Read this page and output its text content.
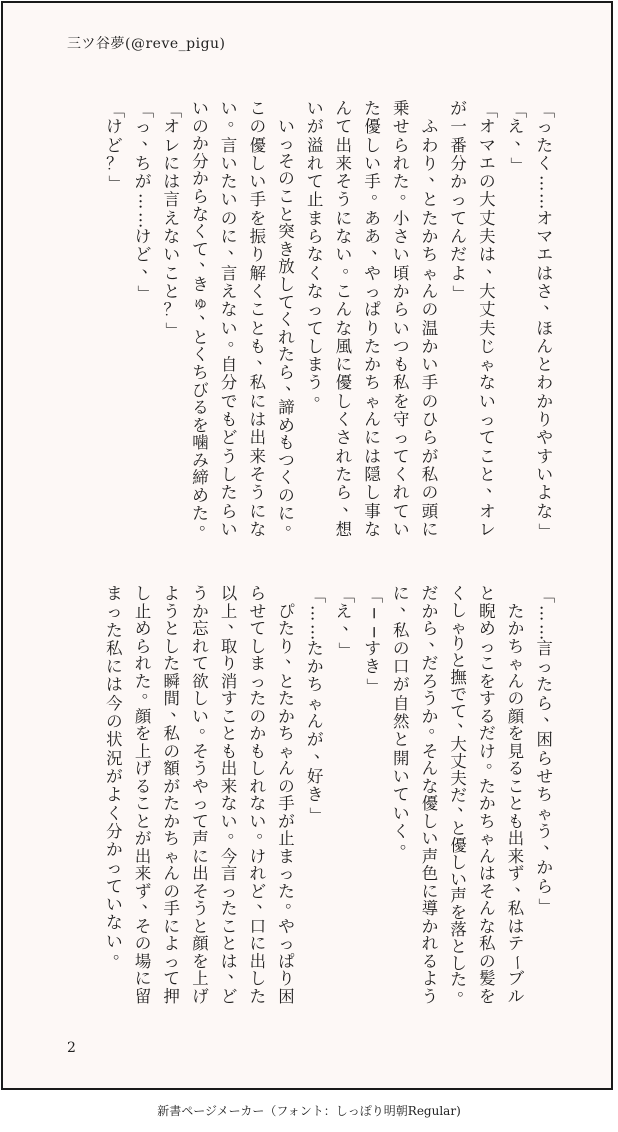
三ツ谷夢(@reve_pigu)
「
っ
た
く
…
…
オ
マ
エ
は
さ
、
ほ
ん
と
わ
か
り
や
す
い
よ
な
」
「
え
、
」
「
オ
マ
エ
の
大
丈
夫
は
、
大
丈
夫
じ
ゃ
な
い
っ
て
こ
と
、
オ
レ
が
一
番
分
か
っ
て
ん
だ
よ
」

ふ
わ
り
、
と
た
か
ち
ゃ
ん
の
温
か
い
手
の
ひ
ら
が
私
の
頭
に
乗
せ
ら
れ
た
。
小
さ
い
頃
か
ら
い
つ
も
私
を
守
っ
て
く
れ
て
い
た
優
し
い
手
。
あ
あ
、
や
っ
ぱ
り
た
か
ち
ゃ
ん
に
は
隠
し
事
な
ん
て
出
来
そ
う
に
な
い
。
こ
ん
な
風
に
優
し
く
さ
れ
た
ら
、
想
い
が
溢
れ
て
止
ま
ら
な
く
な
っ
て
し
ま
う
。

い
っ
そ
の
こ
と
突
き
放
し
て
く
れ
た
ら
、
諦
め
も
つ
く
の
に
。
こ
の
優
し
い
手
を
振
り
解
く
こ
と
も
、
私
に
は
出
来
そ
う
に
な
い
。
言
い
た
い
の
に
、
言
え
な
い
。
自
分
で
も
ど
う
し
た
ら
い
い
の
か
分
か
ら
な
く
て
、
き
ゅ
、
と
く
ち
び
る
を
噛
み
締
め
た
。
「
オ
レ
に
は
言
え
な
い
こ
と
？
」
「
っ
、
ち
が
…
…
け
ど
、
」
「
け
ど
？
」
「
…
…
言
っ
た
ら
、
困
ら
せ
ち
ゃ
う
、
か
ら
」

た
か
ち
ゃ
ん
の
顔
を
見
る
こ
と
も
出
来
ず
、
私
は
テ
ー
ブ
ル
と
睨
め
っ
こ
を
す
る
だ
け
。
た
か
ち
ゃ
ん
は
そ
ん
な
私
の
髪
を
く
し
ゃ
り
と
撫
で
て
、
大
丈
夫
だ
、
と
優
し
い
声
を
落
と
し
た
。
だ
か
ら
、
だ
ろ
う
か
。
そ
ん
な
優
し
い
声
色
に
導
か
れ
る
よ
う
に
、
私
の
口
が
自
然
と
開
い
て
い
く
。
「
─
─
す
き
」
「
え
、
」
「
…
…
た
か
ち
ゃ
ん
が
、
好
き
」

ぴ
た
り
、
と
た
か
ち
ゃ
ん
の
手
が
止
ま
っ
た
。
や
っ
ぱ
り
困
ら
せ
て
し
ま
っ
た
の
か
も
し
れ
な
い
。
け
れ
ど
、
口
に
出
し
た
以
上
、
取
り
消
す
こ
と
も
出
来
な
い
。
今
言
っ
た
こ
と
は
、
ど
う
か
忘
れ
て
欲
し
い
。
そ
う
や
っ
て
声
に
出
そ
う
と
顔
を
上
げ
よ
う
と
し
た
瞬
間
、
私
の
額
が
た
か
ち
ゃ
ん
の
手
に
よ
っ
て
押
し
止
め
ら
れ
た
。
顔
を
上
げ
る
こ
と
が
出
来
ず
、
そ
の
場
に
留
ま
っ
た
私
に
は
今
の
状
況
が
よ
く
分
か
っ
て
い
な
い
。
2
新書ページメーカー（フォント：しっぽり明朝Regular)
